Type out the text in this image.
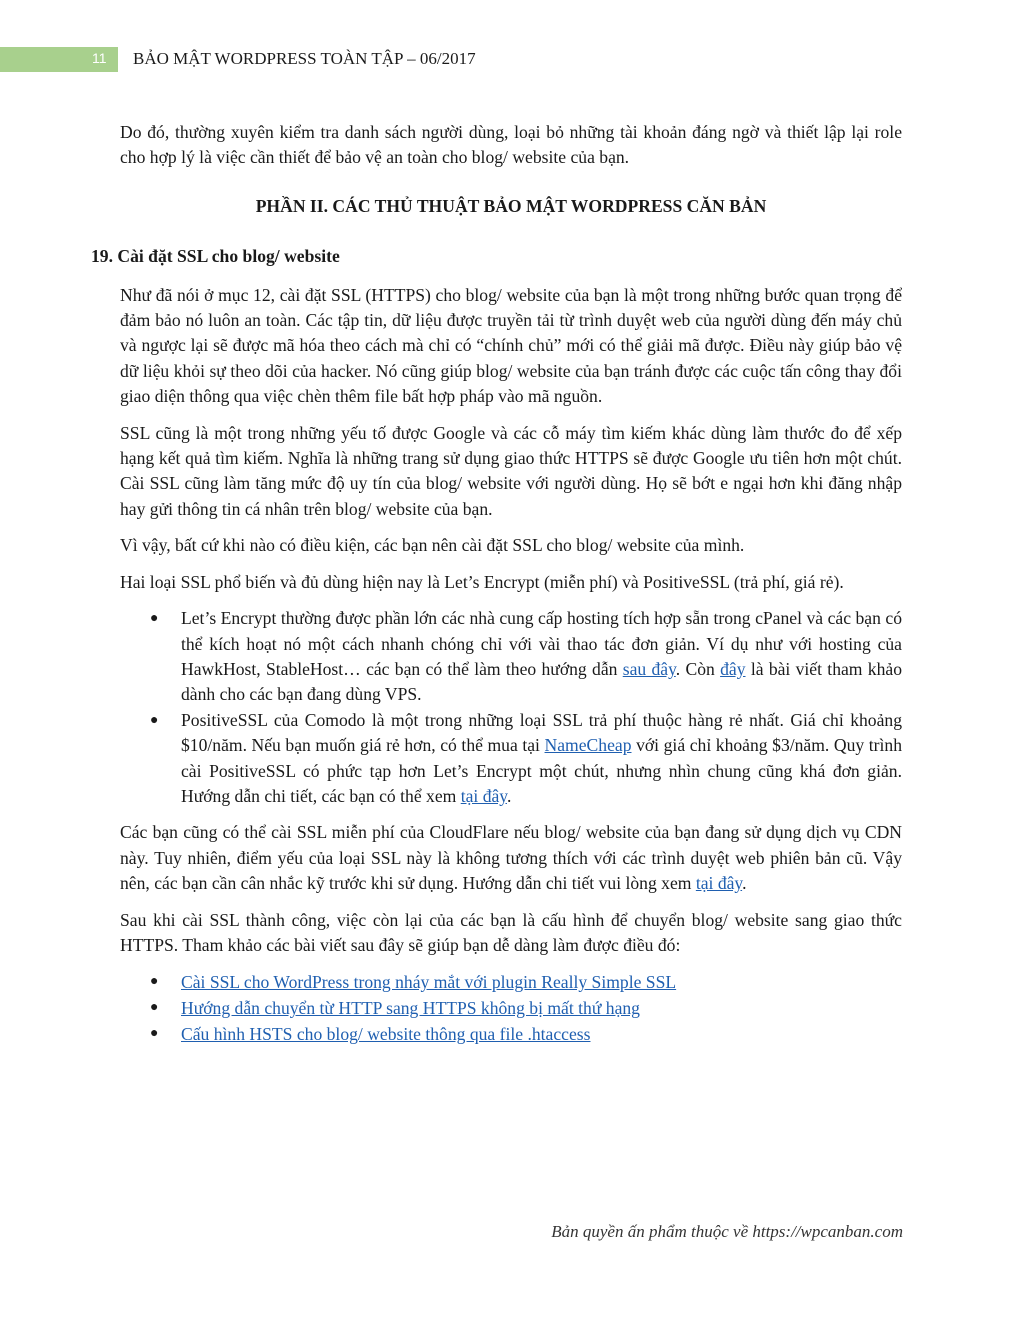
11 BẢO MẬT WORDPRESS TOÀN TẬP – 06/2017

Do đó, thường xuyên kiểm tra danh sách người dùng, loại bỏ những tài khoản đáng ngờ và thiết lập lại role cho hợp lý là việc cần thiết để bảo vệ an toàn cho blog/ website của bạn.

PHẦN II. CÁC THỦ THUẬT BẢO MẬT WORDPRESS CĂN BẢN
19. Cài đặt SSL cho blog/ website

Như đã nói ở mục 12, cài đặt SSL (HTTPS) cho blog/ website của bạn là một trong những bước quan trọng để đảm bảo nó luôn an toàn. Các tập tin, dữ liệu được truyền tải từ trình duyệt web của người dùng đến máy chủ và ngược lại sẽ được mã hóa theo cách mà chỉ có “chính chủ” mới có thể giải mã được. Điều này giúp bảo vệ dữ liệu khỏi sự theo dõi của hacker. Nó cũng giúp blog/ website của bạn tránh được các cuộc tấn công thay đổi giao diện thông qua việc chèn thêm file bất hợp pháp vào mã nguồn.

SSL cũng là một trong những yếu tố được Google và các cỗ máy tìm kiếm khác dùng làm thước đo để xếp hạng kết quả tìm kiếm. Nghĩa là những trang sử dụng giao thức HTTPS sẽ được Google ưu tiên hơn một chút. Cài SSL cũng làm tăng mức độ uy tín của blog/ website với người dùng. Họ sẽ bớt e ngại hơn khi đăng nhập hay gửi thông tin cá nhân trên blog/ website của bạn.

Vì vậy, bất cứ khi nào có điều kiện, các bạn nên cài đặt SSL cho blog/ website của mình.

Hai loại SSL phổ biến và đủ dùng hiện nay là Let’s Encrypt (miễn phí) và PositiveSSL (trả phí, giá rẻ).

● Let’s Encrypt thường được phần lớn các nhà cung cấp hosting tích hợp sẵn trong cPanel và các bạn có thể kích hoạt nó một cách nhanh chóng chỉ với vài thao tác đơn giản. Ví dụ như với hosting của HawkHost, StableHost… các bạn có thể làm theo hướng dẫn sau đây. Còn đây là bài viết tham khảo dành cho các bạn đang dùng VPS.
● PositiveSSL của Comodo là một trong những loại SSL trả phí thuộc hàng rẻ nhất. Giá chỉ khoảng $10/năm. Nếu bạn muốn giá rẻ hơn, có thể mua tại NameCheap với giá chỉ khoảng $3/năm. Quy trình cài PositiveSSL có phức tạp hơn Let’s Encrypt một chút, nhưng nhìn chung cũng khá đơn giản. Hướng dẫn chi tiết, các bạn có thể xem tại đây.

Các bạn cũng có thể cài SSL miễn phí của CloudFlare nếu blog/ website của bạn đang sử dụng dịch vụ CDN này. Tuy nhiên, điểm yếu của loại SSL này là không tương thích với các trình duyệt web phiên bản cũ. Vậy nên, các bạn cần cân nhắc kỹ trước khi sử dụng. Hướng dẫn chi tiết vui lòng xem tại đây.

Sau khi cài SSL thành công, việc còn lại của các bạn là cấu hình để chuyển blog/ website sang giao thức HTTPS. Tham khảo các bài viết sau đây sẽ giúp bạn dễ dàng làm được điều đó:

● Cài SSL cho WordPress trong nháy mắt với plugin Really Simple SSL
● Hướng dẫn chuyển từ HTTP sang HTTPS không bị mất thứ hạng
● Cấu hình HSTS cho blog/ website thông qua file .htaccess
Bản quyền ấn phẩm thuộc về https://wpcanban.com
